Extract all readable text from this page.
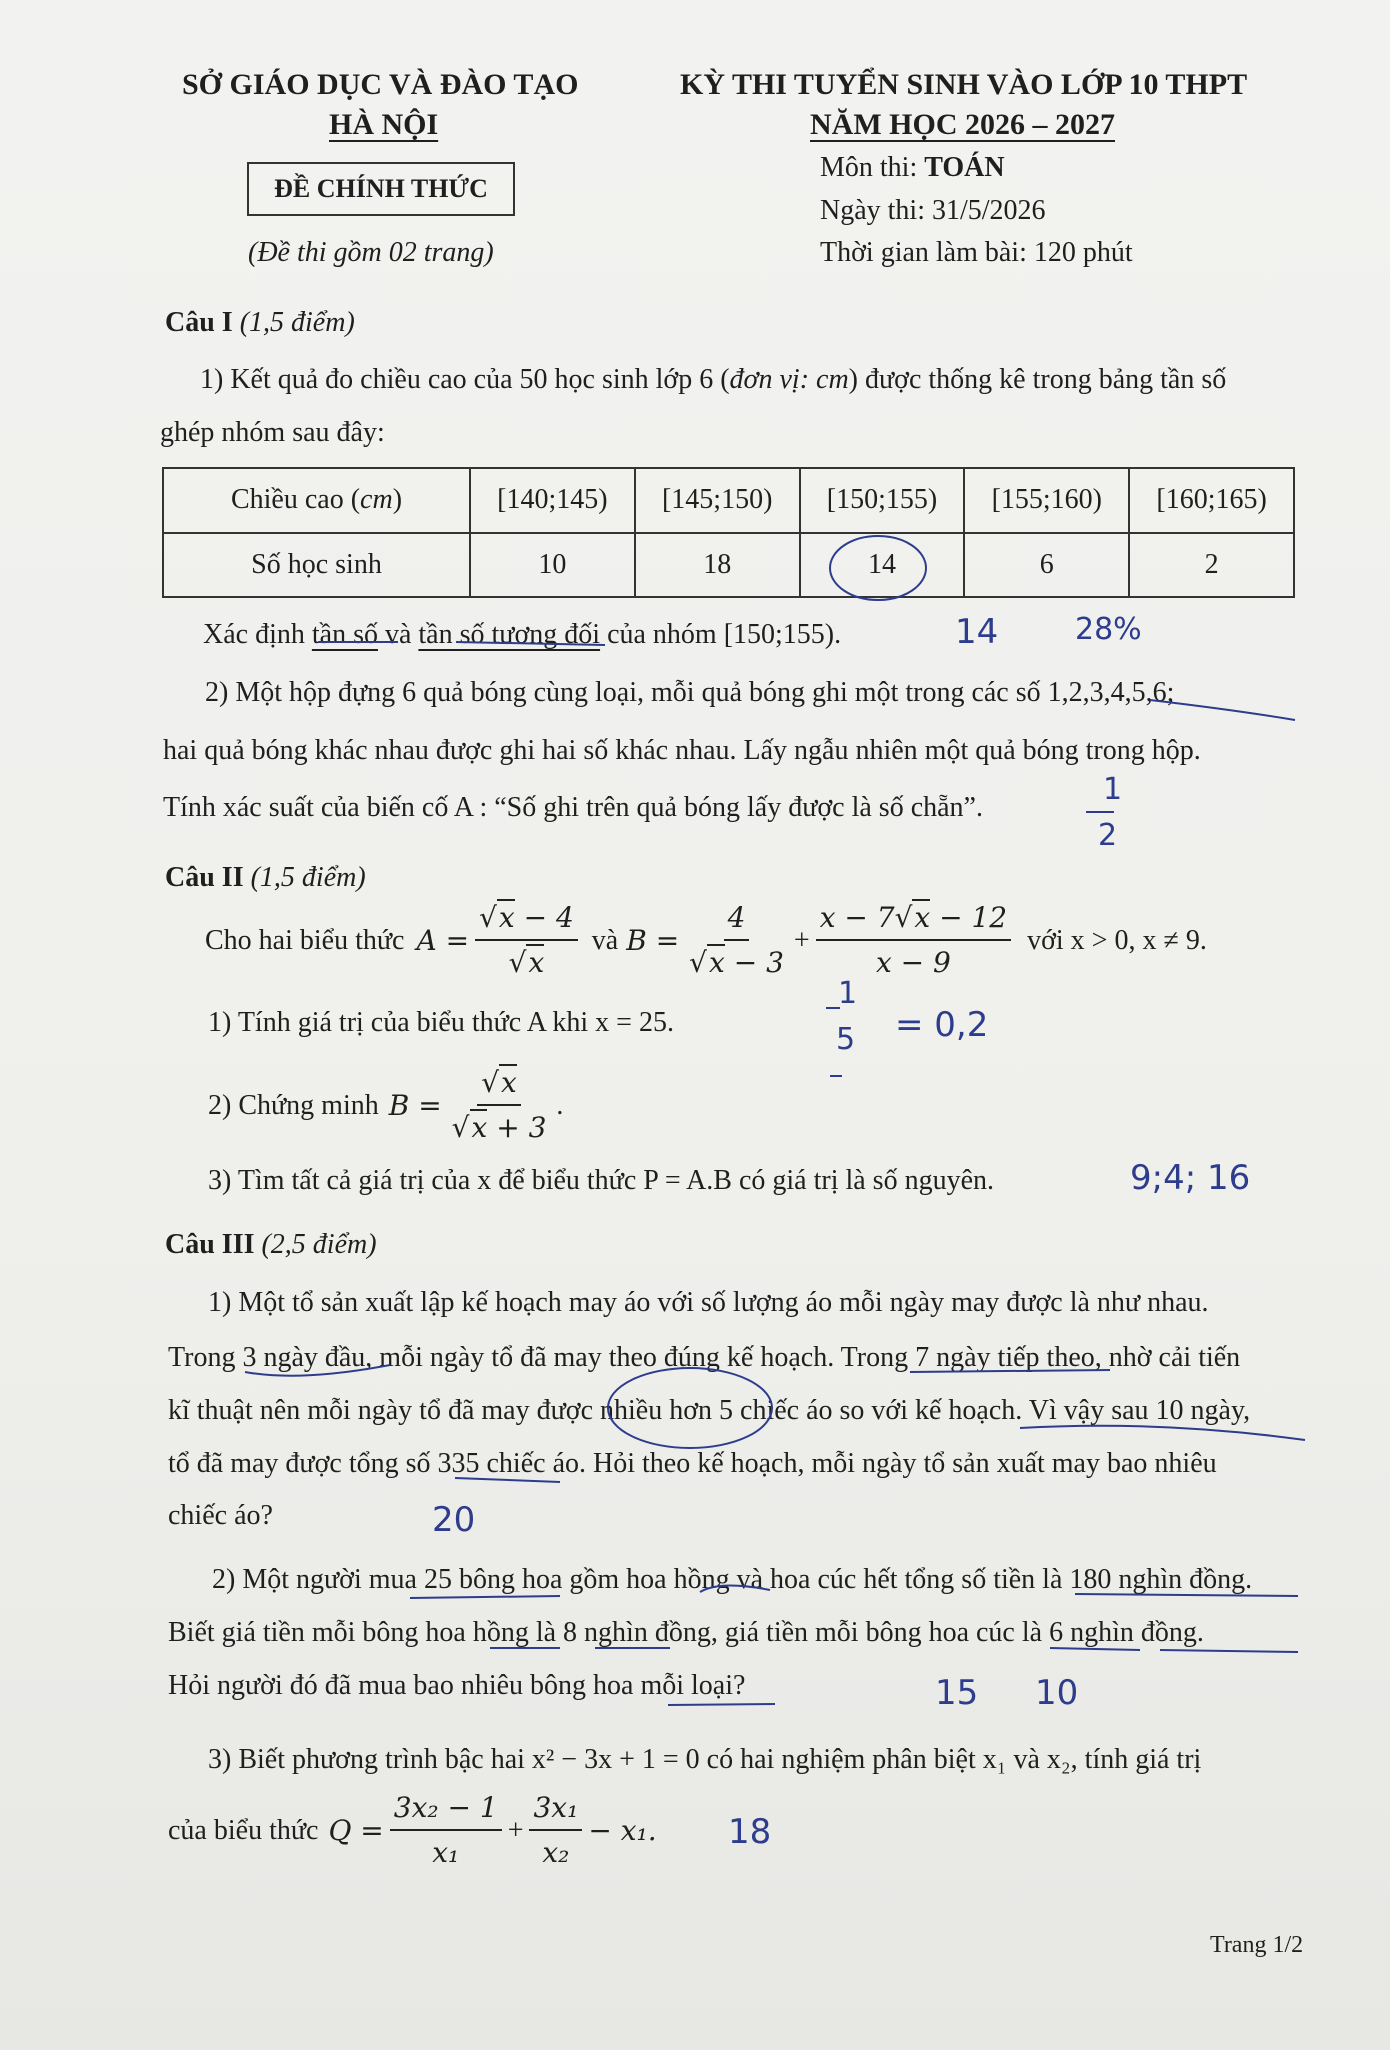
SỞ GIÁO DỤC VÀ ĐÀO TẠO
HÀ NỘI
KỲ THI TUYỂN SINH VÀO LỚP 10 THPT
NĂM HỌC 2026 – 2027
ĐỀ CHÍNH THỨC
(Đề thi gồm 02 trang)
Môn thi: TOÁN
Ngày thi: 31/5/2026
Thời gian làm bài: 120 phút
Câu I (1,5 điểm)
1) Kết quả đo chiều cao của 50 học sinh lớp 6 (đơn vị: cm) được thống kê trong bảng tần số
ghép nhóm sau đây:
Chiều cao (cm)	[140;145)	[145;150)	[150;155)	[155;160)	[160;165)
Số học sinh	10	18	14	6	2
Xác định tần số và tần số tương đối của nhóm [150;155).
2) Một hộp đựng 6 quả bóng cùng loại, mỗi quả bóng ghi một trong các số 1,2,3,4,5,6;
hai quả bóng khác nhau được ghi hai số khác nhau. Lấy ngẫu nhiên một quả bóng trong hộp.
Tính xác suất của biến cố A : “Số ghi trên quả bóng lấy được là số chẵn”.
Câu II (1,5 điểm)
Cho hai biểu thức $A = \frac{√x - 4}{√x}$ và $B = \frac{4}{√x - 3} + \frac{x - 7√x - 12}{x - 9}$ với x > 0, x ≠ 9.
1) Tính giá trị của biểu thức A khi x = 25.
2) Chứng minh $B = \frac{√x}{√x + 3}$ .
3) Tìm tất cả giá trị của x để biểu thức P = A.B có giá trị là số nguyên.
Câu III (2,5 điểm)
1) Một tổ sản xuất lập kế hoạch may áo với số lượng áo mỗi ngày may được là như nhau.
Trong 3 ngày đầu, mỗi ngày tổ đã may theo đúng kế hoạch. Trong 7 ngày tiếp theo, nhờ cải tiến
kĩ thuật nên mỗi ngày tổ đã may được nhiều hơn 5 chiếc áo so với kế hoạch. Vì vậy sau 10 ngày,
tổ đã may được tổng số 335 chiếc áo. Hỏi theo kế hoạch, mỗi ngày tổ sản xuất may bao nhiêu
chiếc áo?
2) Một người mua 25 bông hoa gồm hoa hồng và hoa cúc hết tổng số tiền là 180 nghìn đồng.
Biết giá tiền mỗi bông hoa hồng là 8 nghìn đồng, giá tiền mỗi bông hoa cúc là 6 nghìn đồng.
Hỏi người đó đã mua bao nhiêu bông hoa mỗi loại?
3) Biết phương trình bậc hai x² − 3x + 1 = 0 có hai nghiệm phân biệt x₁ và x₂, tính giá trị
của biểu thức $Q = \frac{\text{3x₂ − 1}}{\text{x₁}} + \frac{\text{3x₁}}{\text{x₂}} - x_1$.
Trang 1/2
14	28%
1
2
1
5 = 0,2
9;4; 16
20
15 10
18
